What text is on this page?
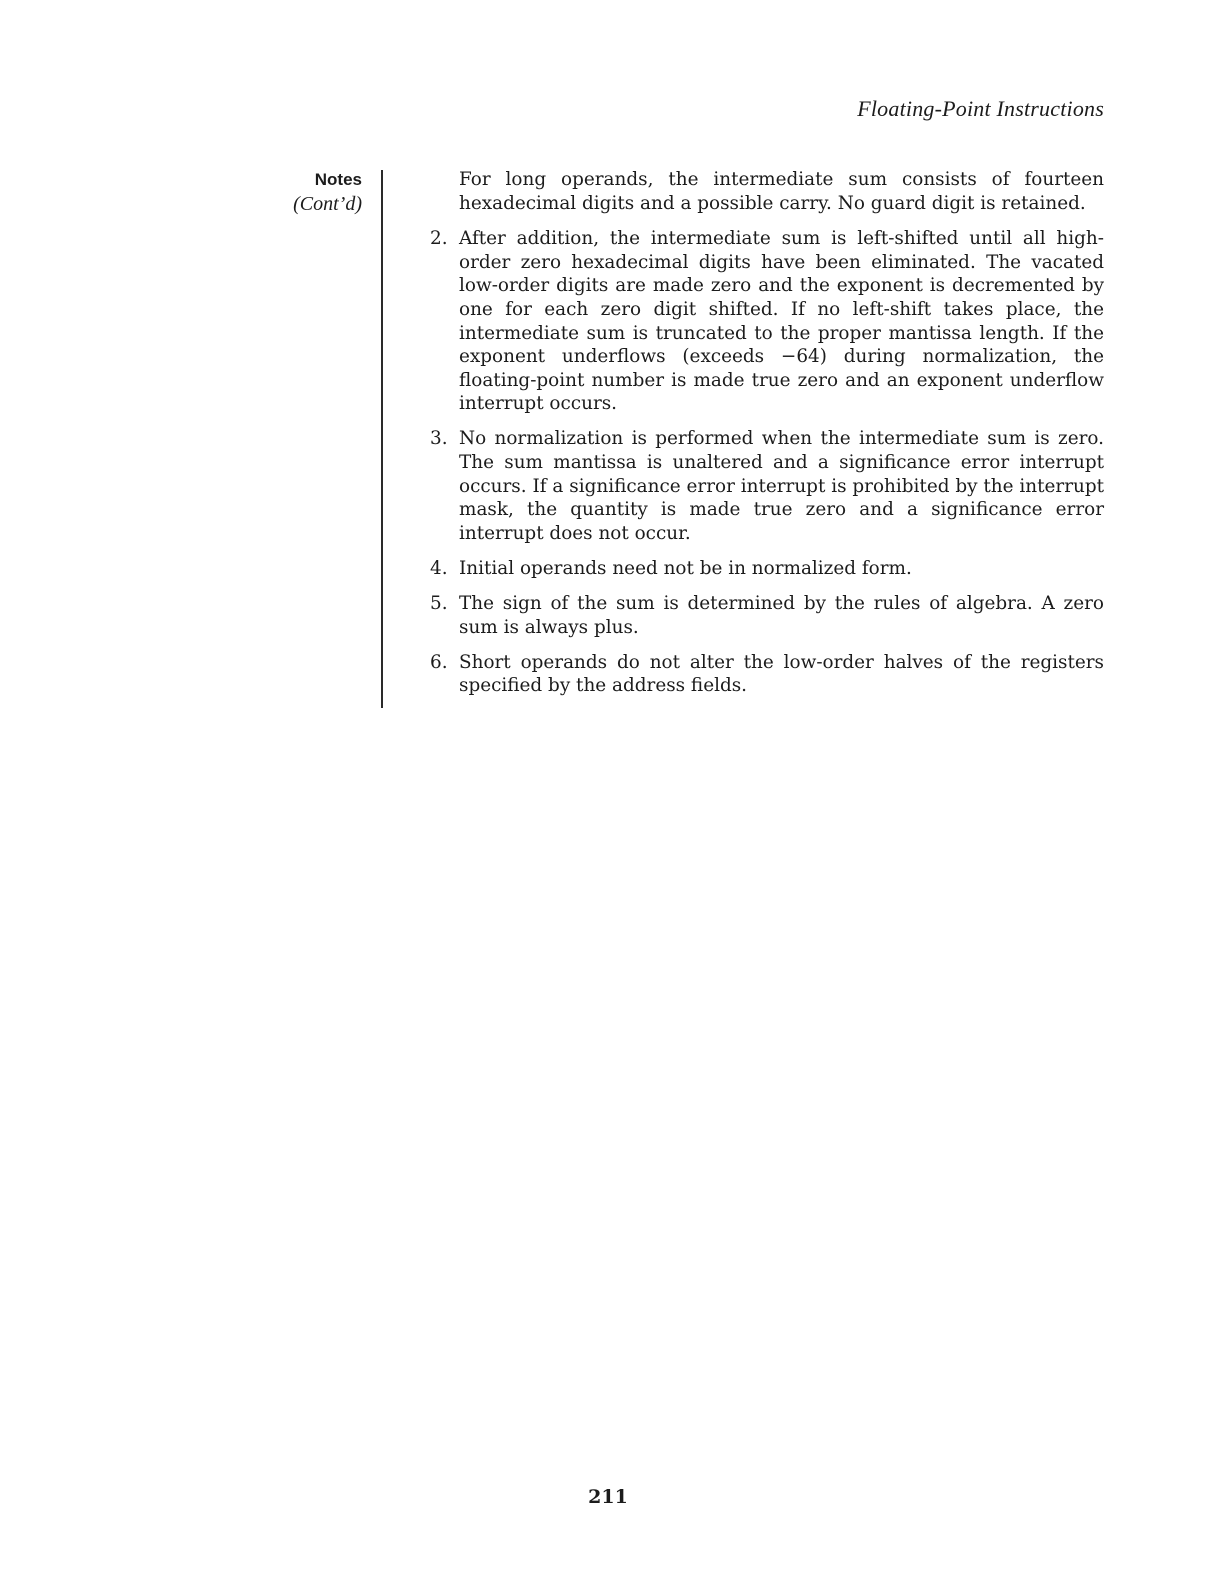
Floating-Point Instructions
Notes
(Cont’d)

For long operands, the intermediate sum consists of fourteen hexadecimal digits and a possible carry. No guard digit is retained.

2. After addition, the intermediate sum is left-shifted until all high-order zero hexadecimal digits have been eliminated. The vacated low-order digits are made zero and the exponent is decremented by one for each zero digit shifted. If no left-shift takes place, the intermediate sum is truncated to the proper mantissa length. If the exponent underflows (exceeds −64) during normalization, the floating-point number is made true zero and an exponent underflow interrupt occurs.
3. No normalization is performed when the intermediate sum is zero. The sum mantissa is unaltered and a significance error interrupt occurs. If a significance error interrupt is prohibited by the interrupt mask, the quantity is made true zero and a significance error interrupt does not occur.
4. Initial operands need not be in normalized form.
5. The sign of the sum is determined by the rules of algebra. A zero sum is always plus.
6. Short operands do not alter the low-order halves of the registers specified by the address fields.
211
